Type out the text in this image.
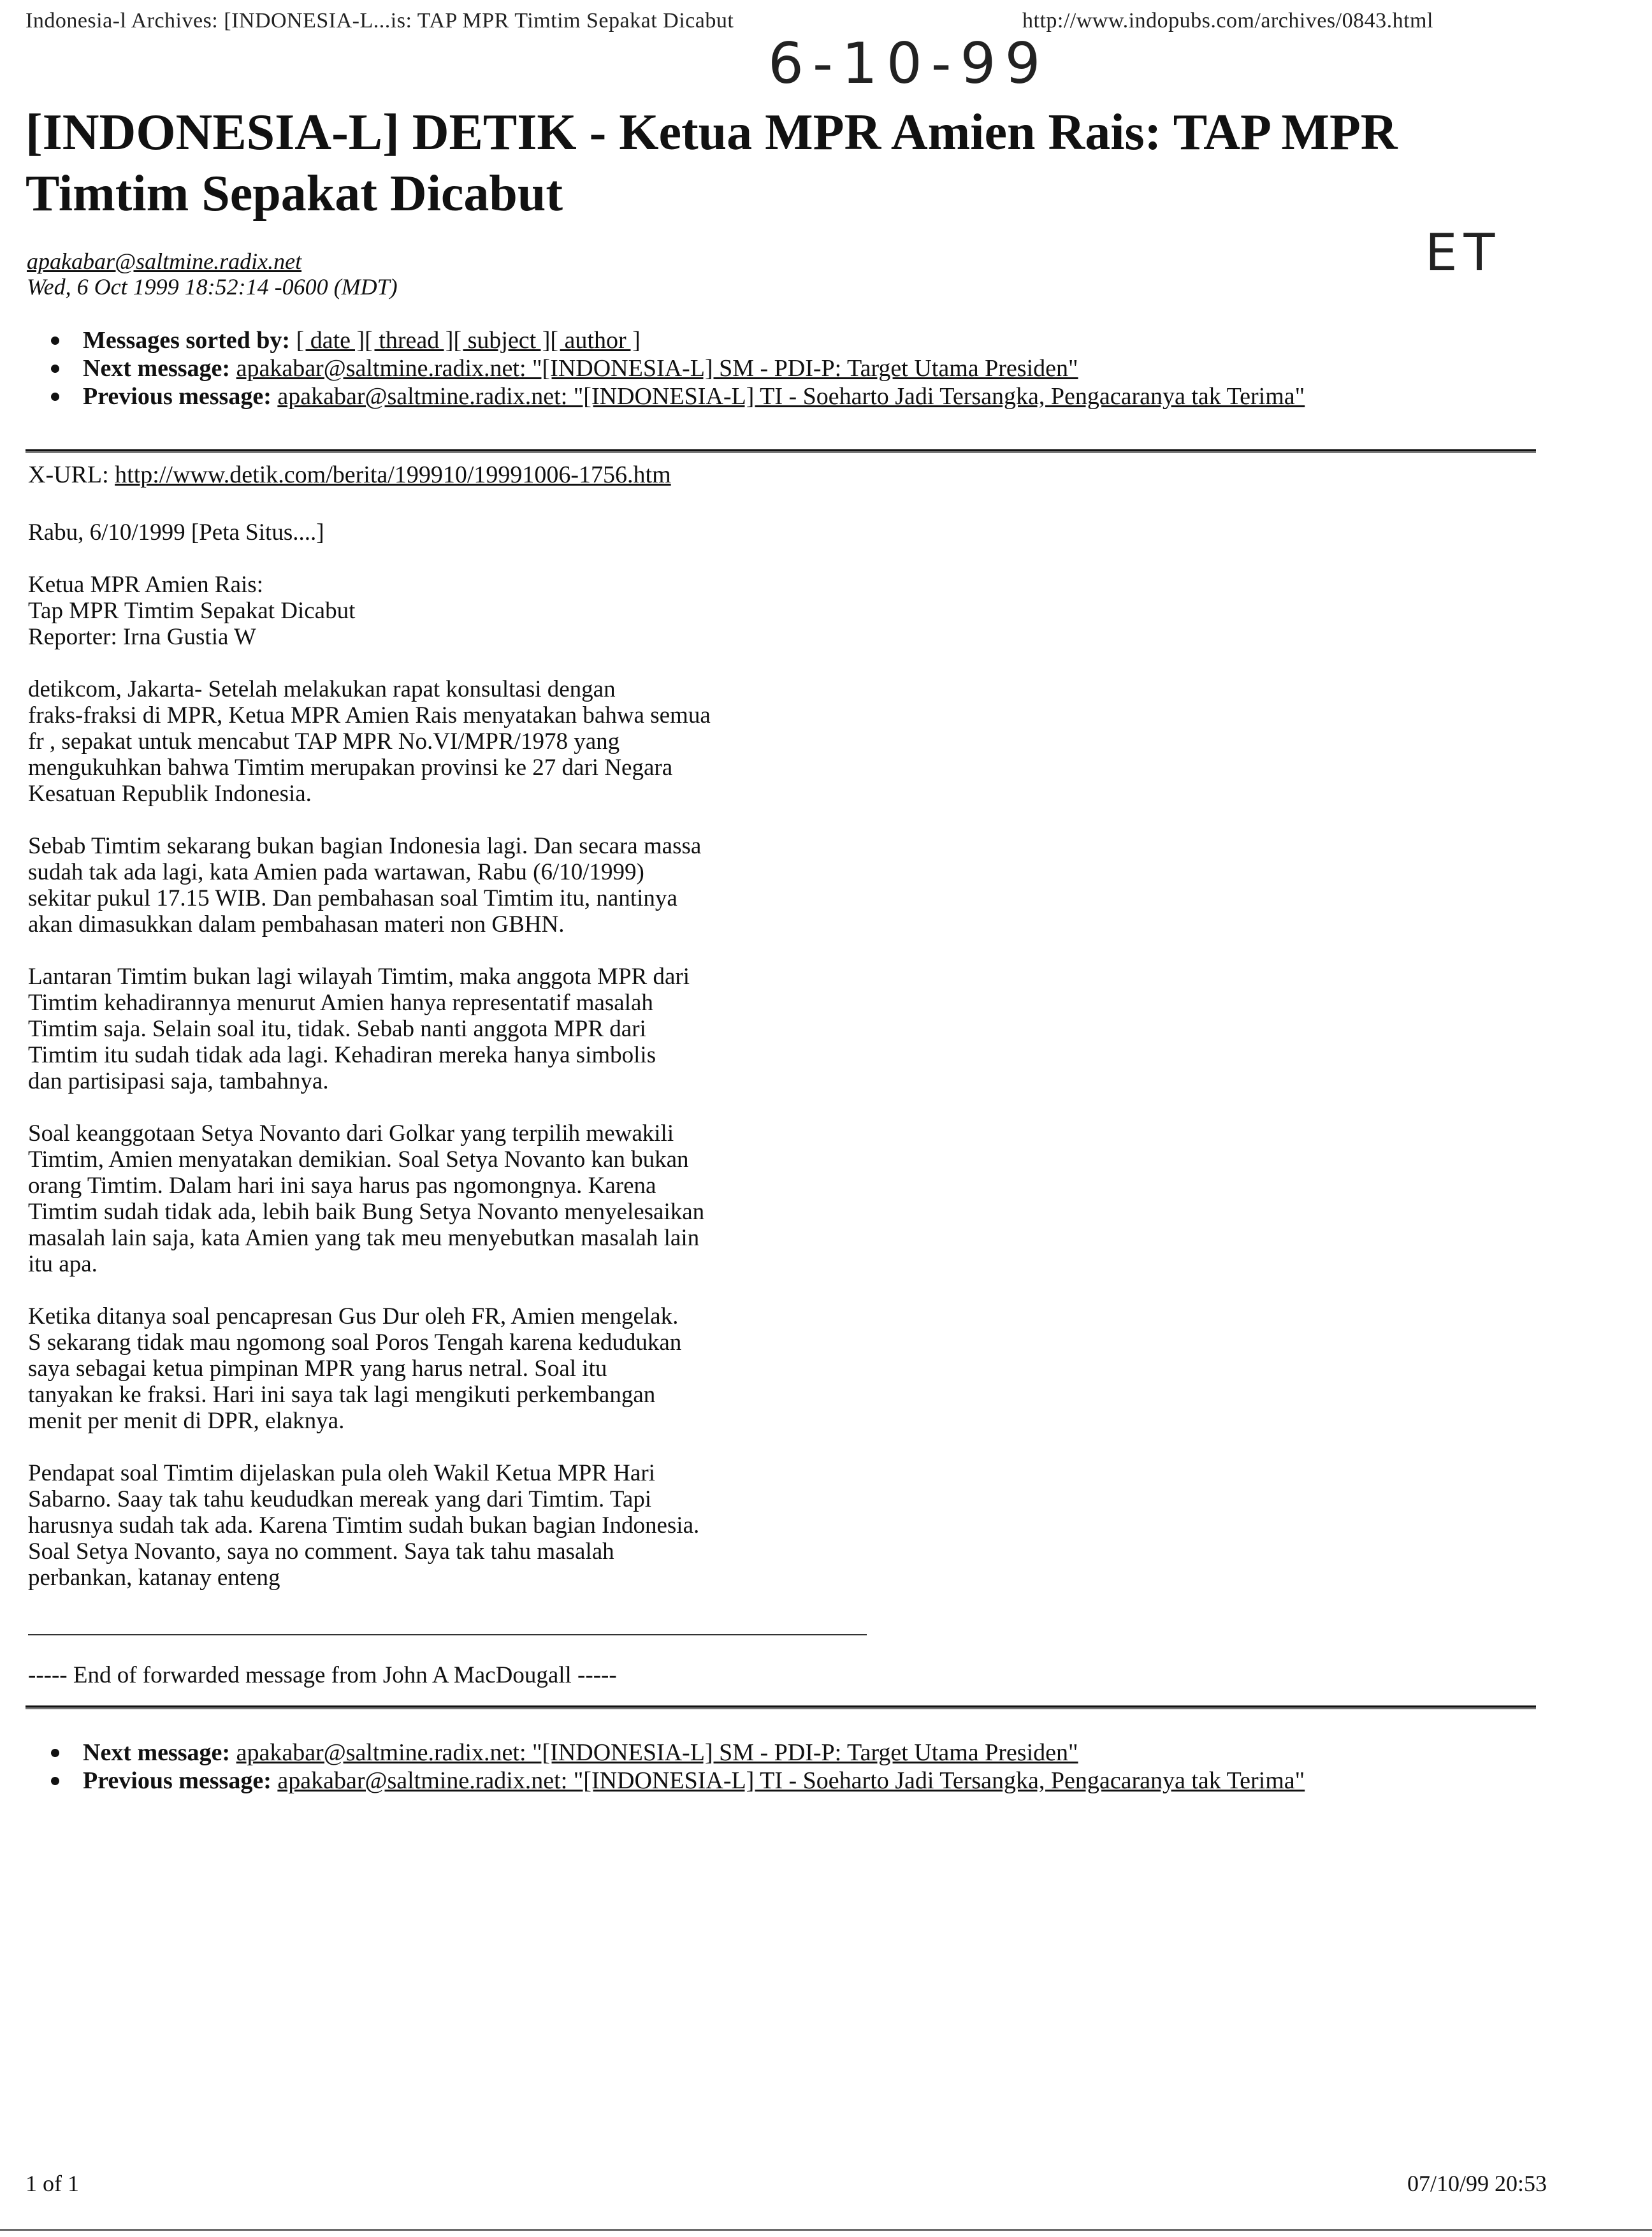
Indonesia-l Archives: [INDONESIA-L...is: TAP MPR Timtim Sepakat Dicabut	http://www.indopubs.com/archives/0843.html
6-10-99
ET
[INDONESIA-L] DETIK - Ketua MPR Amien Rais: TAP MPR Timtim Sepakat Dicabut
apakabar@saltmine.radix.net
Wed, 6 Oct 1999 18:52:14 -0600 (MDT)
Messages sorted by: [ date ][ thread ][ subject ][ author ]
Next message: apakabar@saltmine.radix.net: "[INDONESIA-L] SM - PDI-P: Target Utama Presiden"
Previous message: apakabar@saltmine.radix.net: "[INDONESIA-L] TI - Soeharto Jadi Tersangka, Pengacaranya tak Terima"
X-URL: http://www.detik.com/berita/199910/19991006-1756.htm

Rabu, 6/10/1999 [Peta Situs....]

Ketua MPR Amien Rais:
Tap MPR Timtim Sepakat Dicabut
Reporter: Irna Gustia W

detikcom, Jakarta- Setelah melakukan rapat konsultasi dengan
fraks-fraksi di MPR, Ketua MPR Amien Rais menyatakan bahwa semua
fr , sepakat untuk mencabut TAP MPR No.VI/MPR/1978 yang
mengukuhkan bahwa Timtim merupakan provinsi ke 27 dari Negara
Kesatuan Republik Indonesia.

Sebab Timtim sekarang bukan bagian Indonesia lagi. Dan secara massa
sudah tak ada lagi, kata Amien pada wartawan, Rabu (6/10/1999)
sekitar pukul 17.15 WIB. Dan pembahasan soal Timtim itu, nantinya
akan dimasukkan dalam pembahasan materi non GBHN.

Lantaran Timtim bukan lagi wilayah Timtim, maka anggota MPR dari
Timtim kehadirannya menurut Amien hanya representatif masalah
Timtim saja. Selain soal itu, tidak. Sebab nanti anggota MPR dari
Timtim itu sudah tidak ada lagi. Kehadiran mereka hanya simbolis
dan partisipasi saja, tambahnya.

Soal keanggotaan Setya Novanto dari Golkar yang terpilih mewakili
Timtim, Amien menyatakan demikian. Soal Setya Novanto kan bukan
orang Timtim. Dalam hari ini saya harus pas ngomongnya. Karena
Timtim sudah tidak ada, lebih baik Bung Setya Novanto menyelesaikan
masalah lain saja, kata Amien yang tak meu menyebutkan masalah lain
itu apa.

Ketika ditanya soal pencapresan Gus Dur oleh FR, Amien mengelak.
S sekarang tidak mau ngomong soal Poros Tengah karena kedudukan
saya sebagai ketua pimpinan MPR yang harus netral. Soal itu
tanyakan ke fraksi. Hari ini saya tak lagi mengikuti perkembangan
menit per menit di DPR, elaknya.

Pendapat soal Timtim dijelaskan pula oleh Wakil Ketua MPR Hari
Sabarno. Saay tak tahu keududkan mereak yang dari Timtim. Tapi
harusnya sudah tak ada. Karena Timtim sudah bukan bagian Indonesia.
Soal Setya Novanto, saya no comment. Saya tak tahu masalah
perbankan, katanay enteng

----- End of forwarded message from John A MacDougall -----
Next message: apakabar@saltmine.radix.net: "[INDONESIA-L] SM - PDI-P: Target Utama Presiden"
Previous message: apakabar@saltmine.radix.net: "[INDONESIA-L] TI - Soeharto Jadi Tersangka, Pengacaranya tak Terima"
1 of 1	07/10/99 20:53
